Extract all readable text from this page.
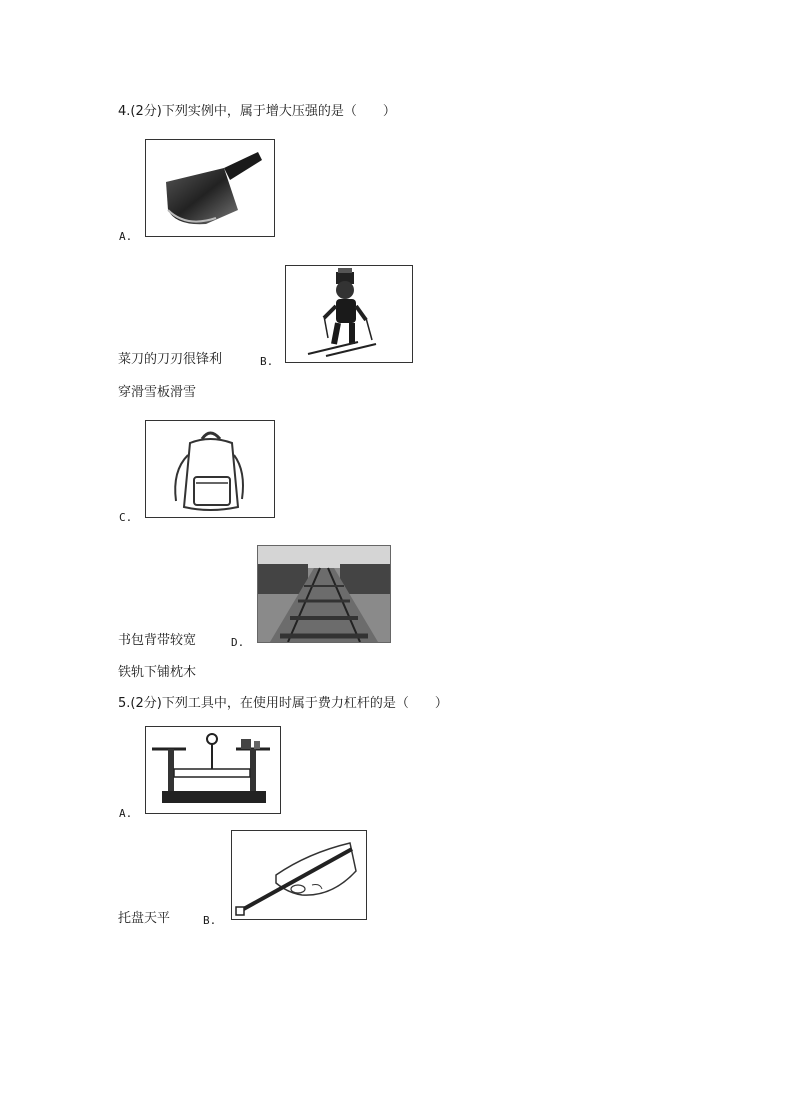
4.(2分)下列实例中，属于增大压强的是（　　）
A.
菜刀的刀刃很锋利	B.
穿滑雪板滑雪
C.
书包背带较宽	D.
铁轨下铺枕木
5.(2分)下列工具中，在使用时属于费力杠杆的是（　　）
A.
托盘天平	B.
